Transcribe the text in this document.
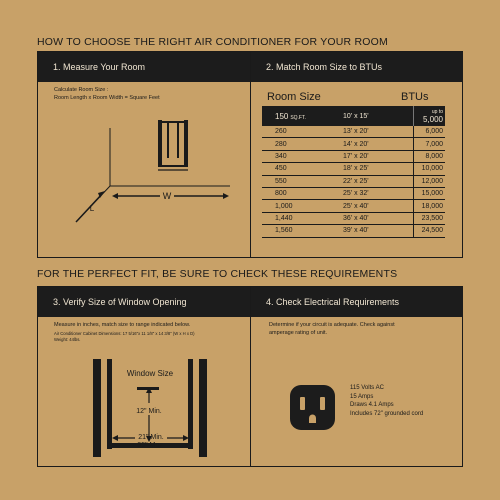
HOW TO CHOOSE THE RIGHT AIR CONDITIONER FOR YOUR ROOM
1. Measure Your Room	2. Match Room Size to BTUs
Calculate Room Size :
Room Length x Room Width = Square Feet
W
L
Room Size	BTUs
150 SQ.FT.	10' x 15'	up to 5,000
260	13' x 20'	6,000
280	14' x 20'	7,000
340	17' x 20'	8,000
450	18' x 25'	10,000
550	22' x 25'	12,000
800	25' x 32'	15,000
1,000	25' x 40'	18,000
1,440	36' x 40'	23,500
1,560	39' x 40'	24,500
FOR THE PERFECT FIT, BE SURE TO CHECK THESE REQUIREMENTS
3. Verify Size of Window Opening	4. Check Electrical Requirements
Measure in inches, match size to range indicated below.
Air Conditioner Cabinet Dimensions: 17 5/16"x 11 1/8" x 14 3/8" (W x H x D)
Weight: 44lbs.
Window Size
12" Min.
21" Min.
35" Max.
Determine if your circuit is adequate. Check against
amperage rating of unit.
115 Volts AC
15 Amps
Draws 4.1 Amps
Includes 72" grounded cord
